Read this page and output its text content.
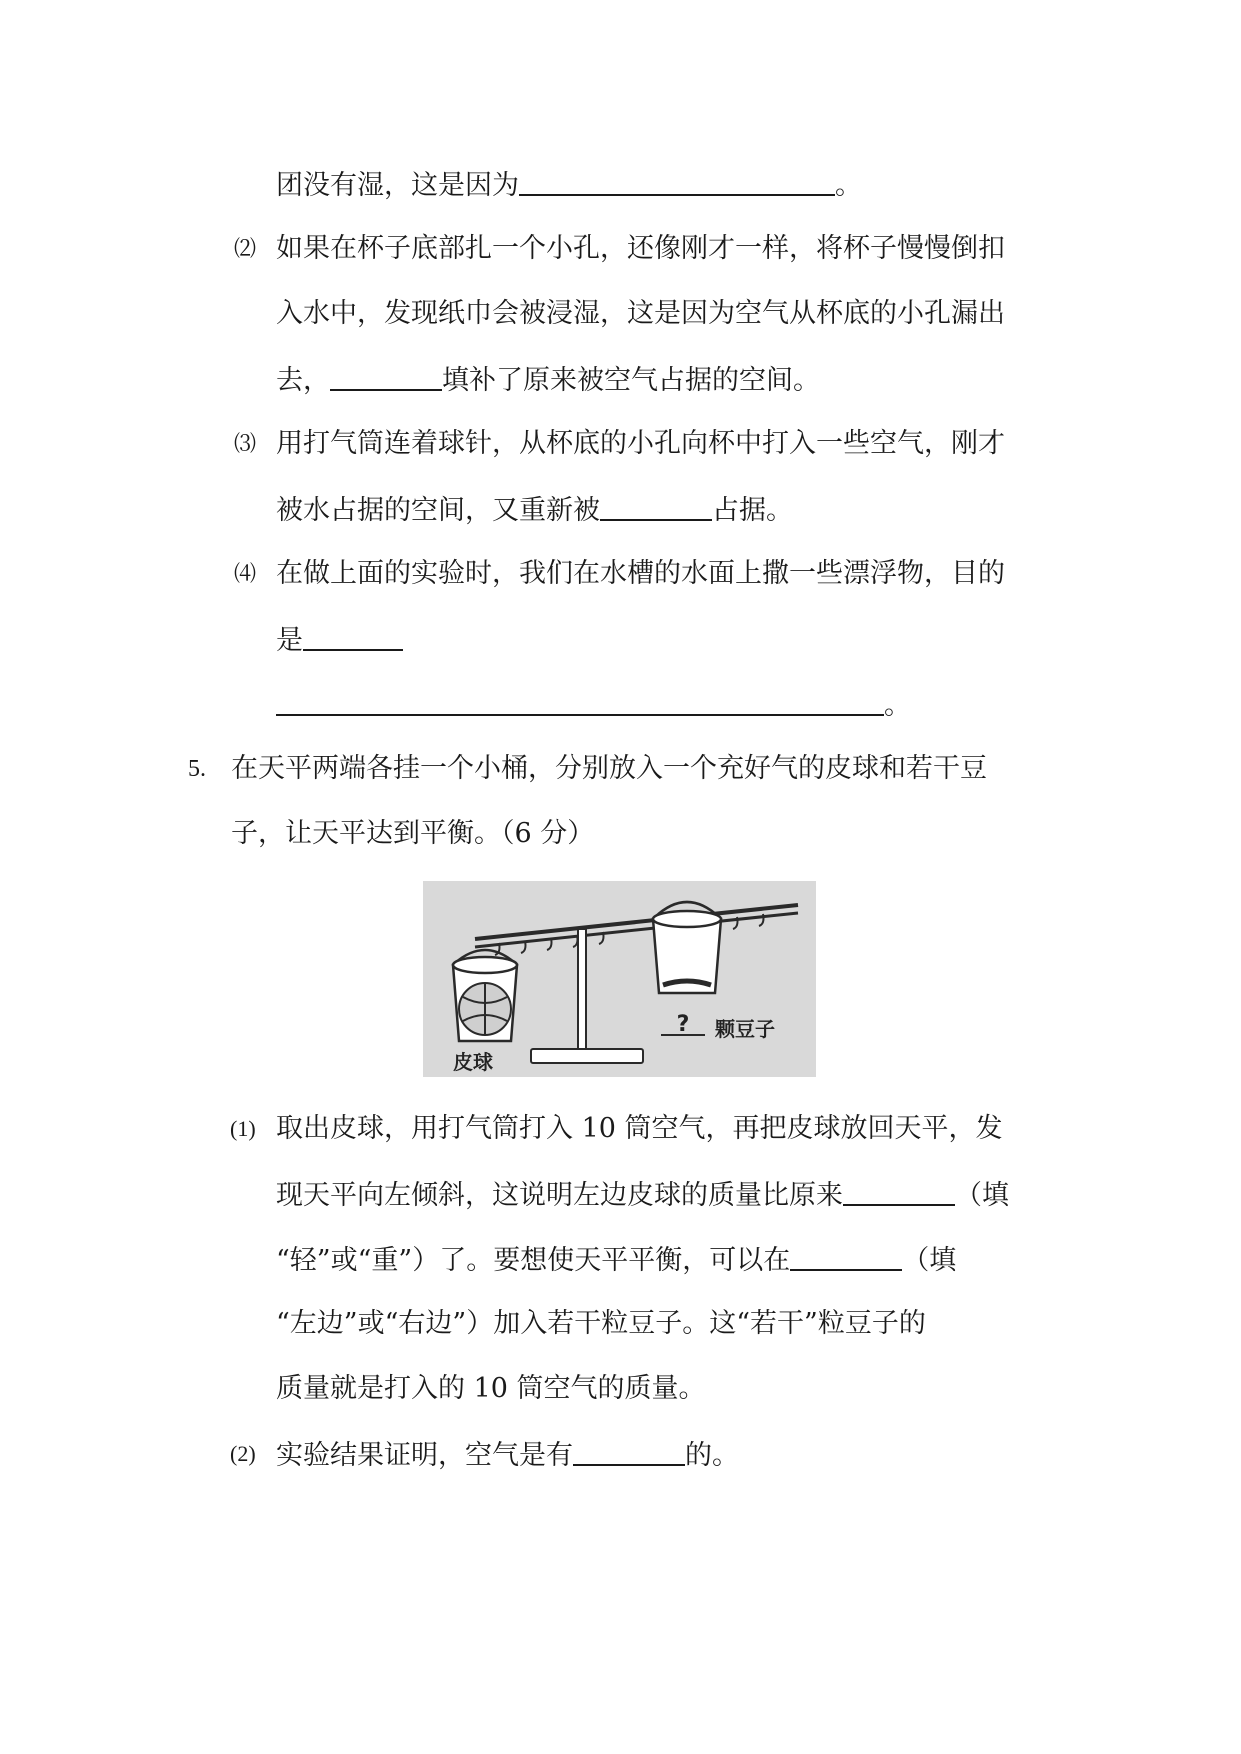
团没有湿，这是因为	。
⑵ 如果在杯子底部扎一个小孔，还像刚才一样，将杯子慢慢倒扣
入水中，发现纸巾会被浸湿，这是因为空气从杯底的小孔漏出
去，	填补了原来被空气占据的空间。
⑶ 用打气筒连着球针，从杯底的小孔向杯中打入一些空气，刚才
被水占据的空间，又重新被	占据。
⑷ 在做上面的实验时，我们在水槽的水面上撒一些漂浮物，目的
是
。
5. 在天平两端各挂一个小桶，分别放入一个充好气的皮球和若干豆
子，让天平达到平衡。（6 分）
? 颗豆子
皮球
(1) 取出皮球，用打气筒打入 10 筒空气，再把皮球放回天平，发
现天平向左倾斜，这说明左边皮球的质量比原来	（填
“轻”或“重”）了。要想使天平平衡，可以在	（填
“左边”或“右边”）加入若干粒豆子。这“若干”粒豆子的
质量就是打入的 10 筒空气的质量。
(2) 实验结果证明，空气是有	的。
